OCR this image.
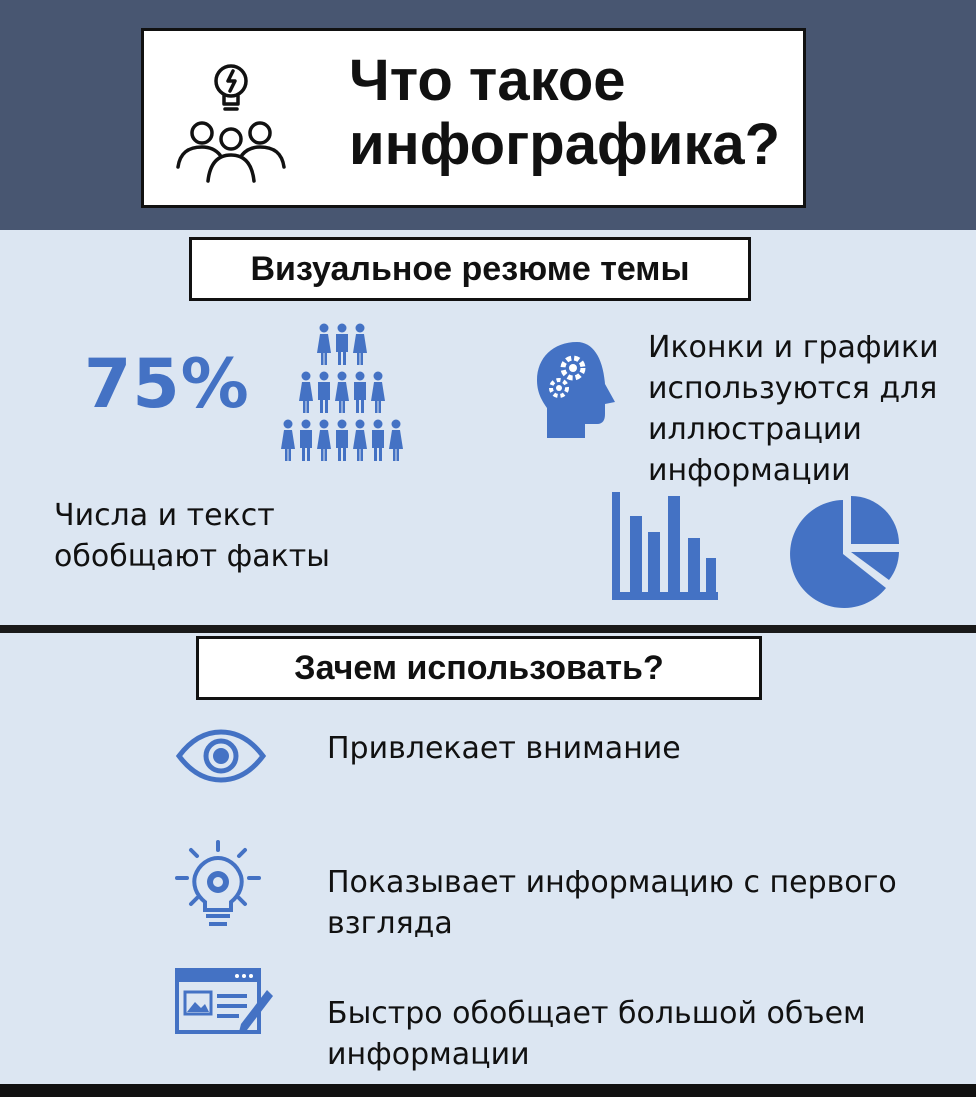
Что такое
инфографика?
Визуальное резюме темы
75%
Числа и текст обобщают факты
Иконки и графики используются для иллюстрации информации
Зачем использовать?
Привлекает внимание
Показывает информацию с первого взгляда
Быстро обобщает большой объем информации
